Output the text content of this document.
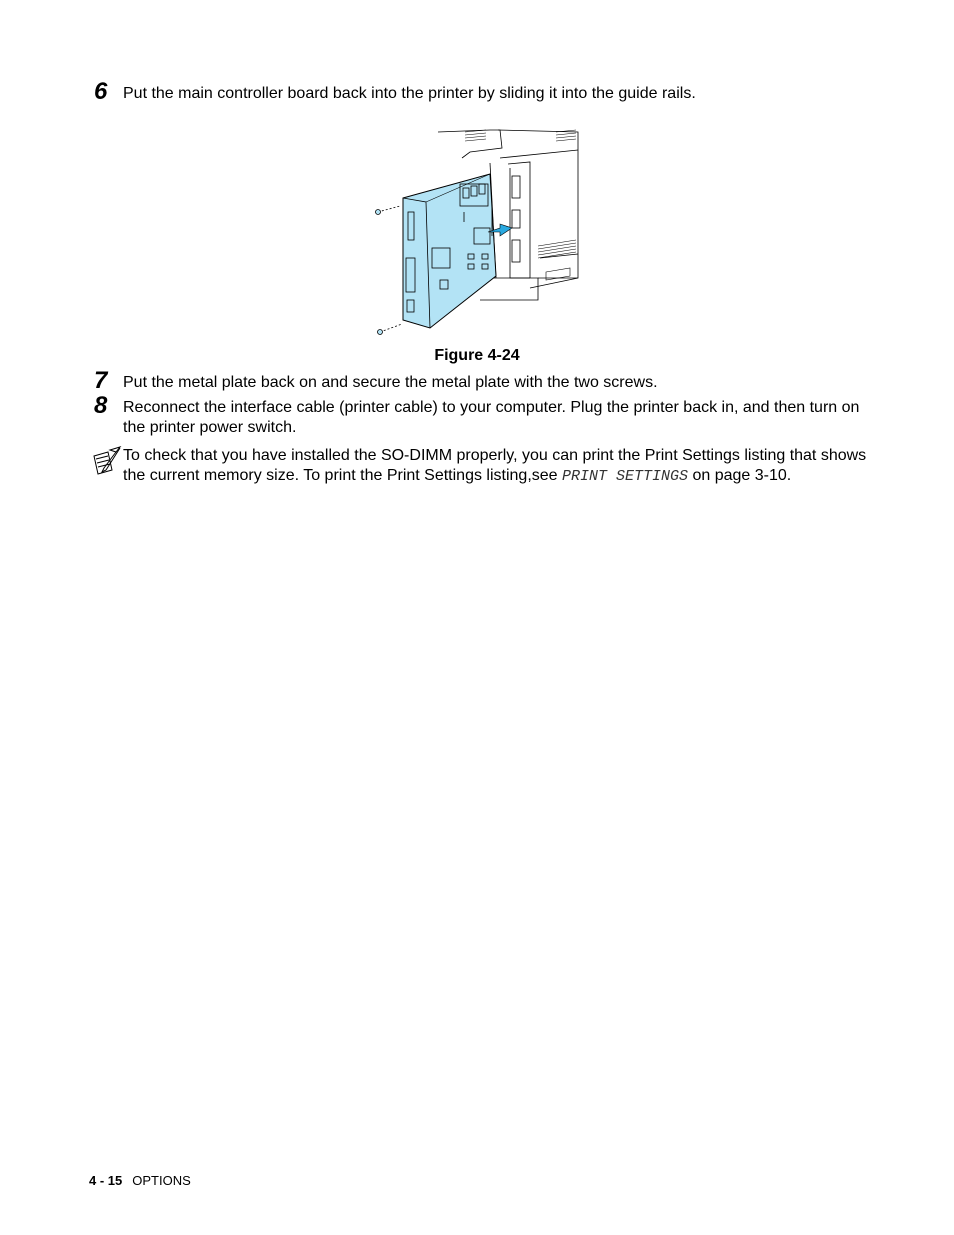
6 Put the main controller board back into the printer by sliding it into the guide rails.
Figure 4-24
7 Put the metal plate back on and secure the metal plate with the two screws.
8 Reconnect the interface cable (printer cable) to your computer. Plug the printer back in, and then turn on the printer power switch.
To check that you have installed the SO-DIMM properly, you can print the Print Settings listing that shows the current memory size. To print the Print Settings listing,see PRINT SETTINGS on page 3-10.
4 - 15 OPTIONS
